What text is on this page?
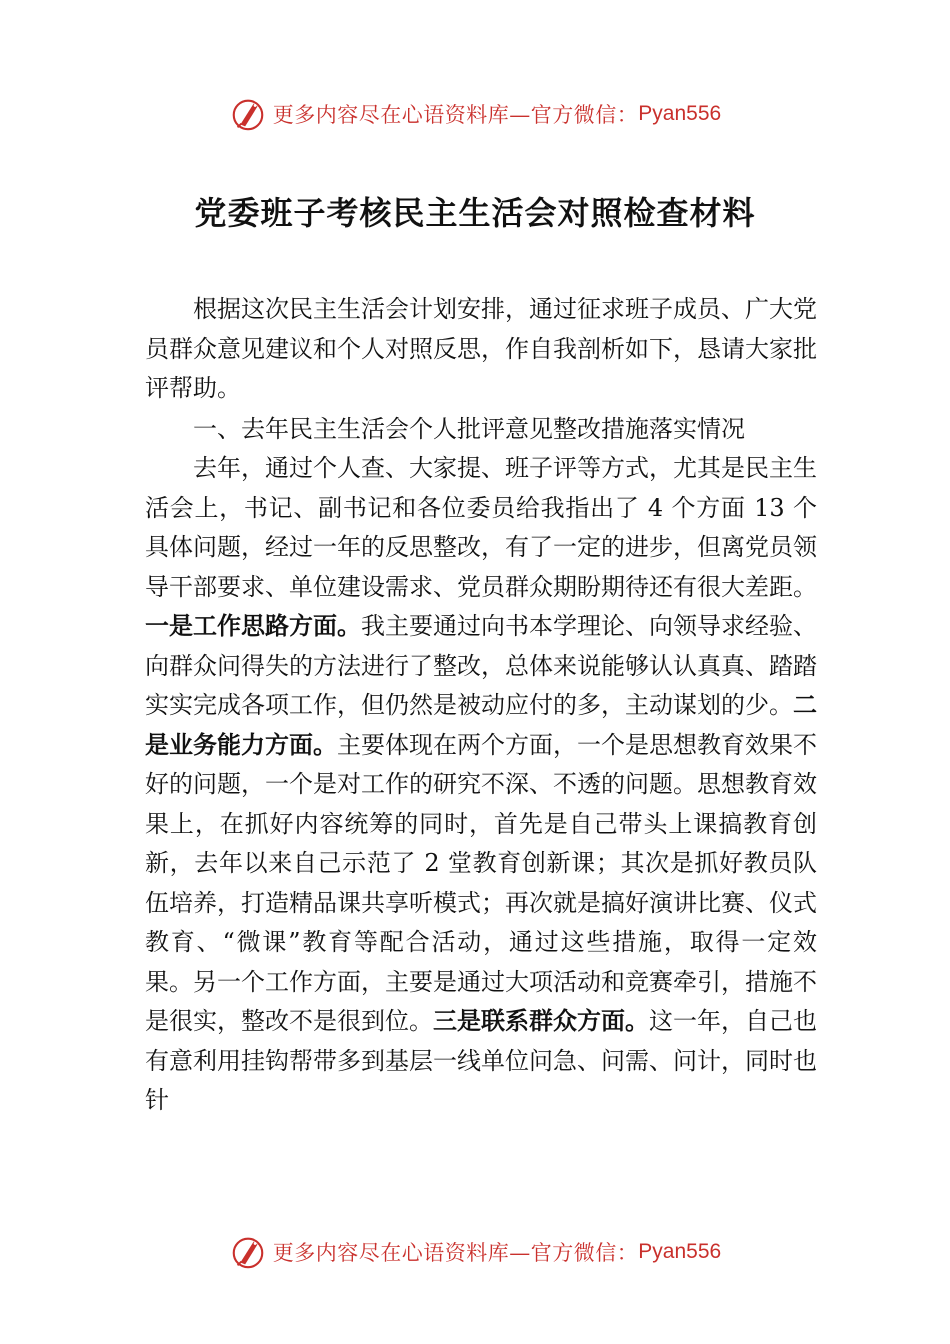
更多内容尽在心语资料库—官方微信： Pyan556
党委班子考核民主生活会对照检查材料

根据这次民主生活会计划安排，通过征求班子成员、广大党员群众意见建议和个人对照反思，作自我剖析如下，恳请大家批评帮助。

一、去年民主生活会个人批评意见整改措施落实情况

去年，通过个人查、大家提、班子评等方式，尤其是民主生活会上，书记、副书记和各位委员给我指出了 4 个方面 13 个具体问题，经过一年的反思整改，有了一定的进步，但离党员领导干部要求、单位建设需求、党员群众期盼期待还有很大差距。一是工作思路方面。我主要通过向书本学理论、向领导求经验、向群众问得失的方法进行了整改，总体来说能够认认真真、踏踏实实完成各项工作，但仍然是被动应付的多，主动谋划的少。二是业务能力方面。主要体现在两个方面，一个是思想教育效果不好的问题，一个是对工作的研究不深、不透的问题。思想教育效果上，在抓好内容统筹的同时，首先是自己带头上课搞教育创新，去年以来自己示范了 2 堂教育创新课；其次是抓好教员队伍培养，打造精品课共享听模式；再次就是搞好演讲比赛、仪式教育、“微课”教育等配合活动，通过这些措施，取得一定效果。另一个工作方面，主要是通过大项活动和竞赛牵引，措施不是很实，整改不是很到位。三是联系群众方面。这一年，自己也有意利用挂钩帮带多到基层一线单位问急、问需、问计，同时也针

更多内容尽在心语资料库—官方微信： Pyan556
